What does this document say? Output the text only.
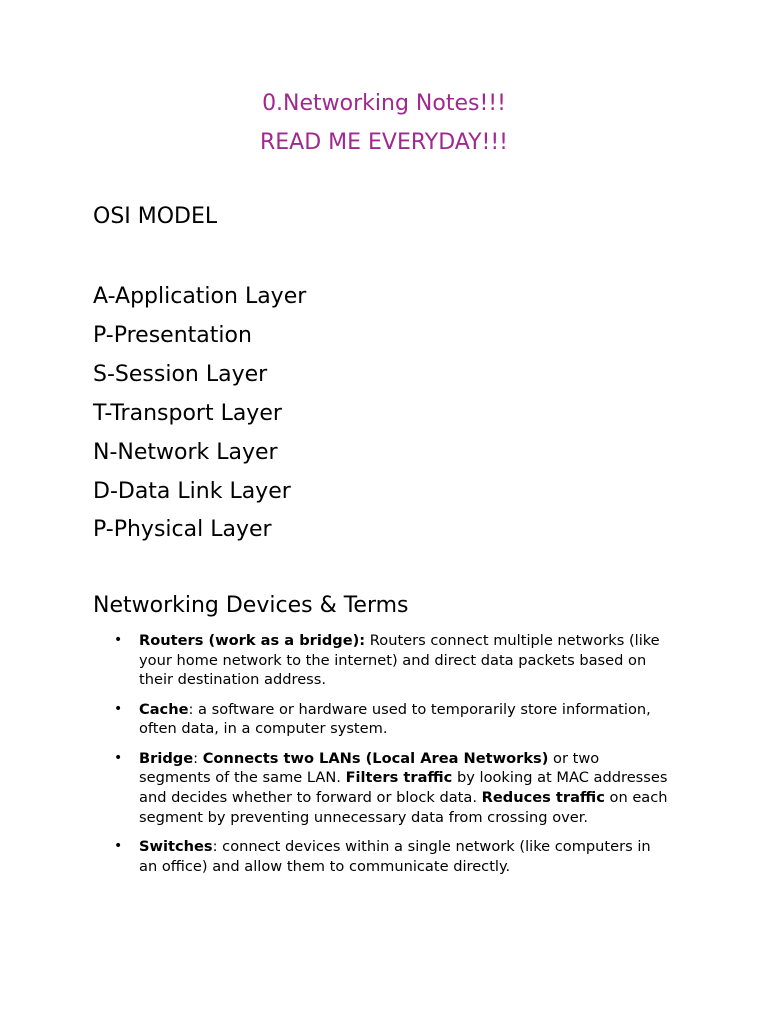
0.Networking Notes!!!

READ ME EVERYDAY!!!

OSI MODEL
A-Application Layer
P-Presentation
S-Session Layer
T-Transport Layer
N-Network Layer
D-Data Link Layer
P-Physical Layer
Networking Devices & Terms
• Routers (work as a bridge): Routers connect multiple networks (like your home network to the internet) and direct data packets based on their destination address.
• Cache: a software or hardware used to temporarily store information, often data, in a computer system.
• Bridge: Connects two LANs (Local Area Networks) or two segments of the same LAN. Filters traffic by looking at MAC addresses and decides whether to forward or block data. Reduces traffic on each segment by preventing unnecessary data from crossing over.
• Switches: connect devices within a single network (like computers in an office) and allow them to communicate directly.
